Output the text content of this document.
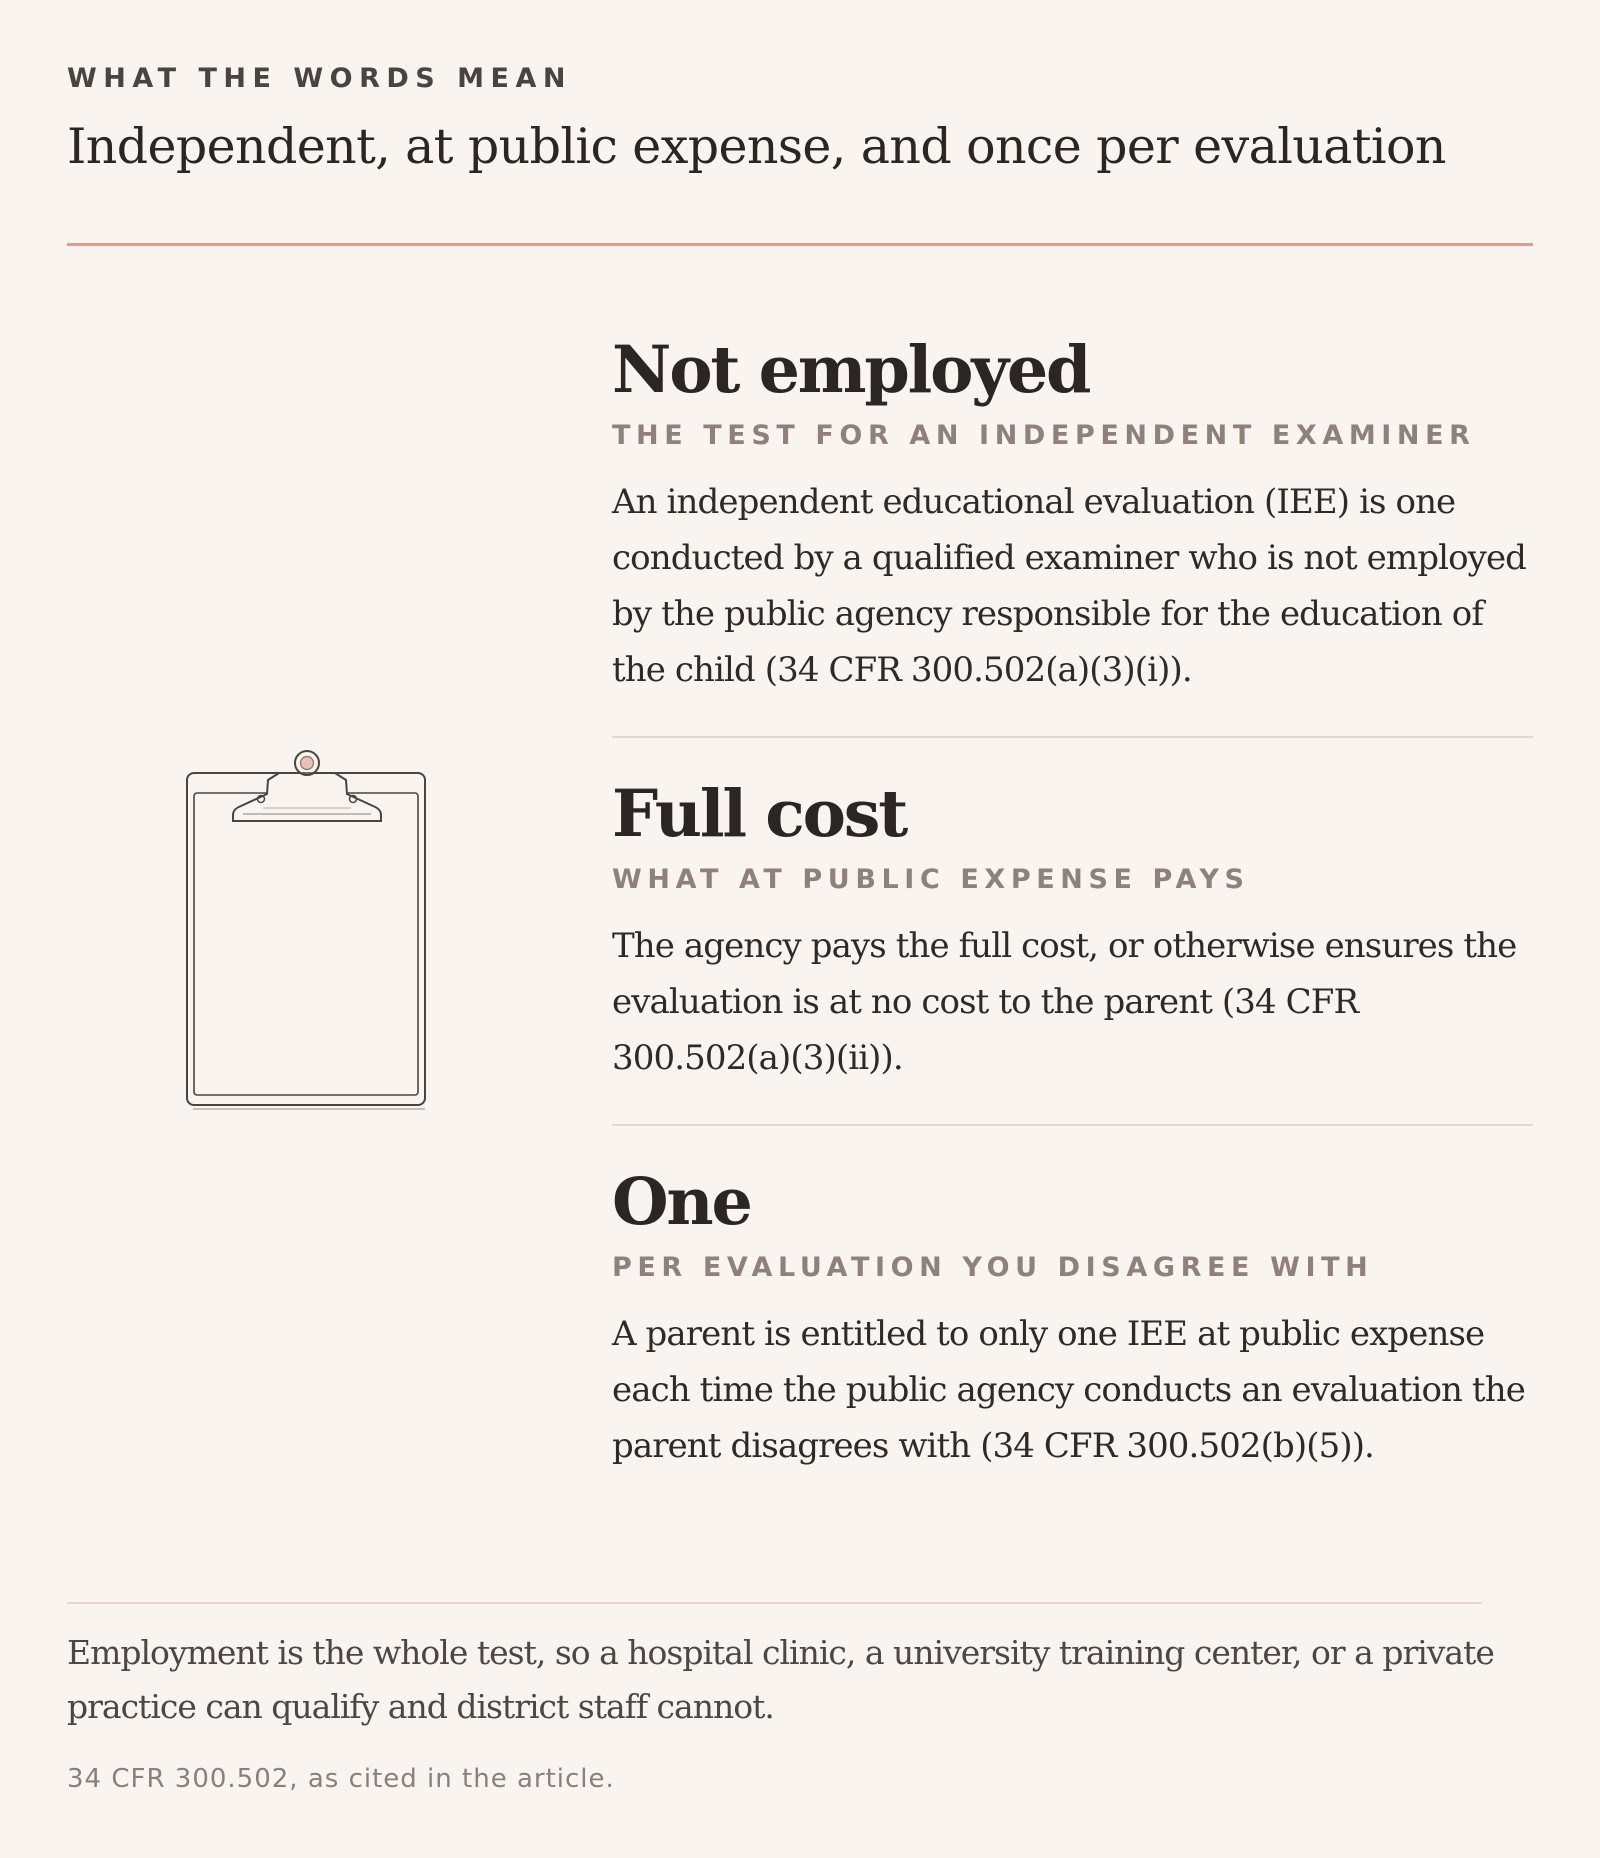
WHAT THE WORDS MEAN

Independent, at public expense, and once per evaluation
Not employed

THE TEST FOR AN INDEPENDENT EXAMINER

An independent educational evaluation (IEE) is one conducted by a qualified examiner who is not employed by the public agency responsible for the education of the child (34 CFR 300.502(a)(3)(i)).

Full cost

WHAT AT PUBLIC EXPENSE PAYS

The agency pays the full cost, or otherwise ensures the evaluation is at no cost to the parent (34 CFR 300.502(a)(3)(ii)).

One

PER EVALUATION YOU DISAGREE WITH

A parent is entitled to only one IEE at public expense each time the public agency conducts an evaluation the parent disagrees with (34 CFR 300.502(b)(5)).

Employment is the whole test, so a hospital clinic, a university training center, or a private practice can qualify and district staff cannot.

34 CFR 300.502, as cited in the article.
